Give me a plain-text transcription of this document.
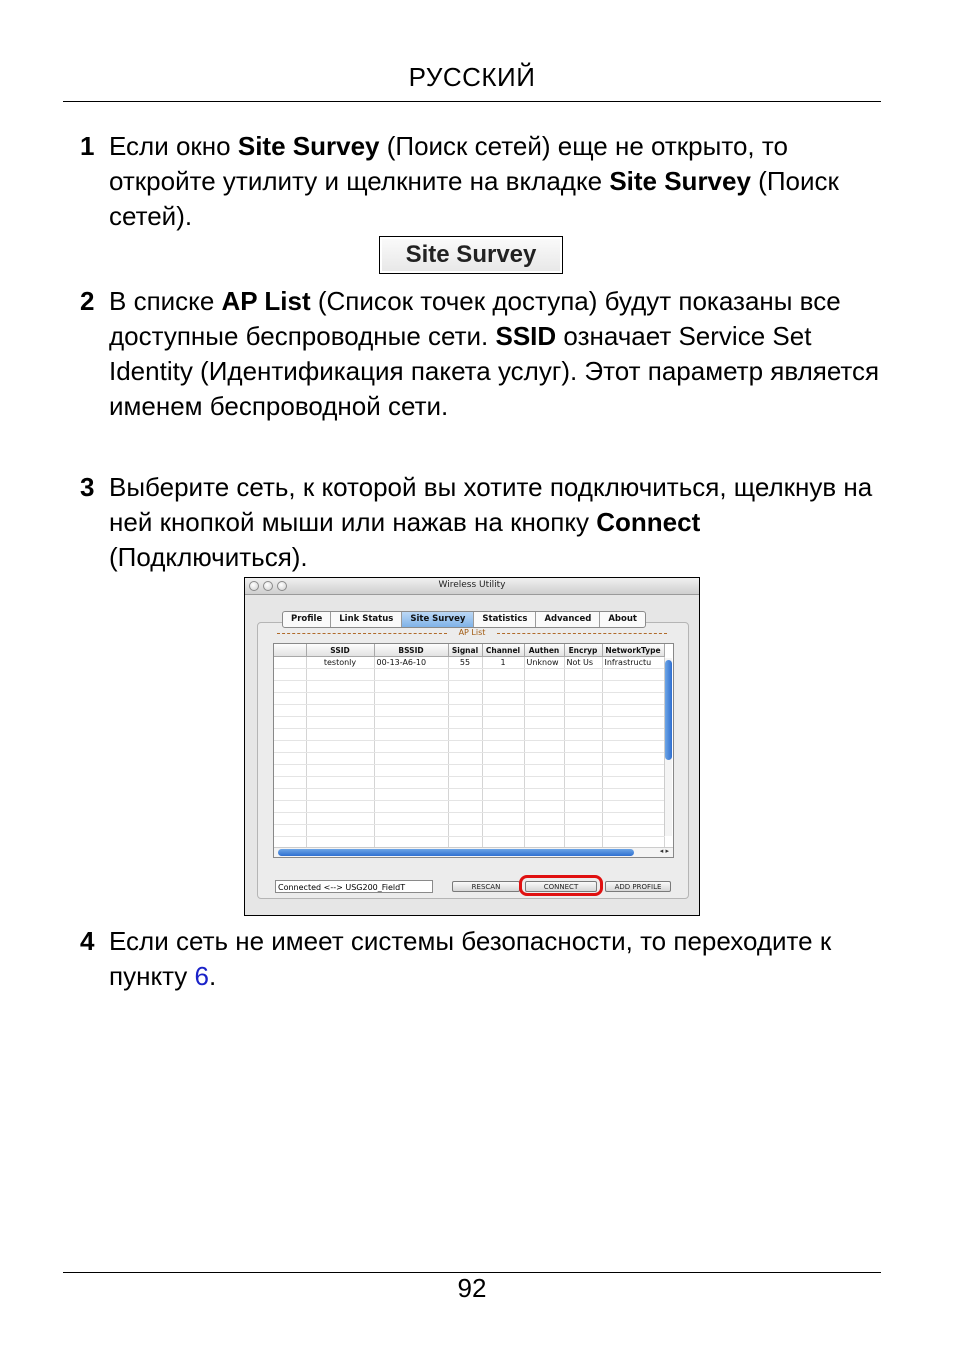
РУССКИЙ
1 Если окно Site Survey (Поиск сетей) еще не открыто, то откройте утилиту и щелкните на вкладке Site Survey (Поиск сетей).
Site Survey
2 В списке AP List (Список точек доступа) будут показаны все доступные беспроводные сети. SSID означает Service Set Identity (Идентификация пакета услуг). Этот параметр является именем беспроводной сети.
3 Выберите сеть, к которой вы хотите подключиться, щелкнув на ней кнопкой мыши или нажав на кнопку Connect (Подключиться).
Wireless Utility
Profile	Link Status	Site Survey	Statistics	Advanced	About
AP List
	SSID	BSSID	Signal	Channel	Authen	Encryp	NetworkType
	testonly	00-13-A6-10	55	1	Unknow	Not Us	Infrastructu

◂ ▸
Connected <--> USG200_FieldT	RESCAN	CONNECT	ADD PROFILE
4 Если сеть не имеет системы безопасности, то переходите к пункту 6.
92
